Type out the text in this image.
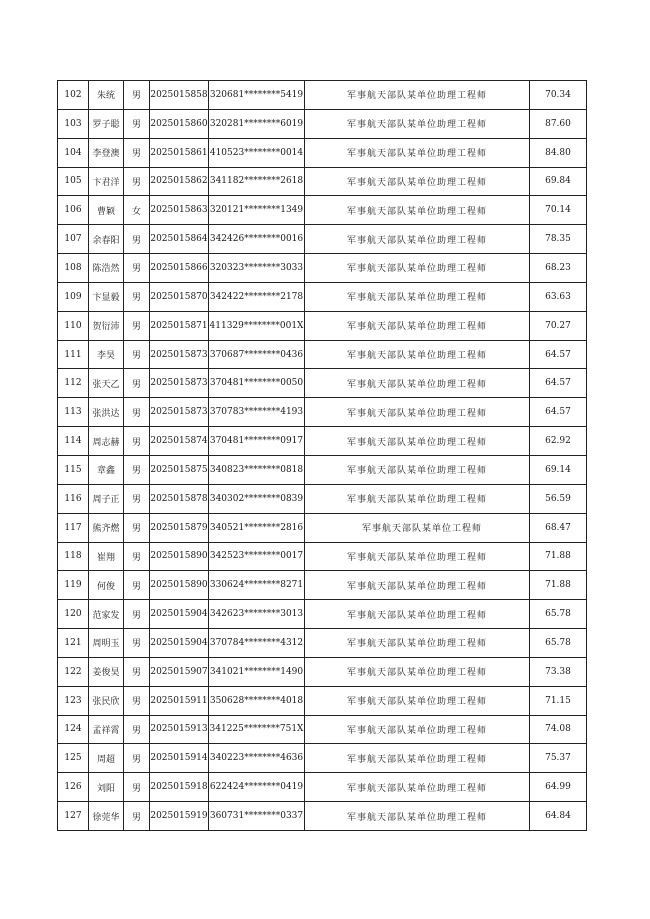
102	朱统	男	2025015858	320681********5419	军事航天部队某单位助理工程师	70.34
103	罗子聪	男	2025015860	320281********6019	军事航天部队某单位助理工程师	87.60
104	李登澳	男	2025015861	410523********0014	军事航天部队某单位助理工程师	84.80
105	卞君洋	男	2025015862	341182********2618	军事航天部队某单位助理工程师	69.84
106	曹颖	女	2025015863	320121********1349	军事航天部队某单位助理工程师	70.14
107	余春阳	男	2025015864	342426********0016	军事航天部队某单位助理工程师	78.35
108	陈浩然	男	2025015866	320323********3033	军事航天部队某单位助理工程师	68.23
109	卞显毅	男	2025015870	342422********2178	军事航天部队某单位助理工程师	63.63
110	贺衍沛	男	2025015871	411329********001X	军事航天部队某单位助理工程师	70.27
111	李昊	男	2025015873	370687********0436	军事航天部队某单位助理工程师	64.57
112	张天乙	男	2025015873	370481********0050	军事航天部队某单位助理工程师	64.57
113	张洪达	男	2025015873	370783********4193	军事航天部队某单位助理工程师	64.57
114	周志赫	男	2025015874	370481********0917	军事航天部队某单位助理工程师	62.92
115	章鑫	男	2025015875	340823********0818	军事航天部队某单位助理工程师	69.14
116	周子正	男	2025015878	340302********0839	军事航天部队某单位助理工程师	56.59
117	熊齐燃	男	2025015879	340521********2816	军事航天部队某单位工程师	68.47
118	崔翔	男	2025015890	342523********0017	军事航天部队某单位助理工程师	71.88
119	何俊	男	2025015890	330624********8271	军事航天部队某单位助理工程师	71.88
120	范家发	男	2025015904	342623********3013	军事航天部队某单位助理工程师	65.78
121	周明玉	男	2025015904	370784********4312	军事航天部队某单位助理工程师	65.78
122	姜俊昊	男	2025015907	341021********1490	军事航天部队某单位助理工程师	73.38
123	张民欣	男	2025015911	350628********4018	军事航天部队某单位助理工程师	71.15
124	孟祥霄	男	2025015913	341225********751X	军事航天部队某单位助理工程师	74.08
125	周超	男	2025015914	340223********4636	军事航天部队某单位助理工程师	75.37
126	刘阳	男	2025015918	622424********0419	军事航天部队某单位助理工程师	64.99
127	徐莞华	男	2025015919	360731********0337	军事航天部队某单位助理工程师	64.84
